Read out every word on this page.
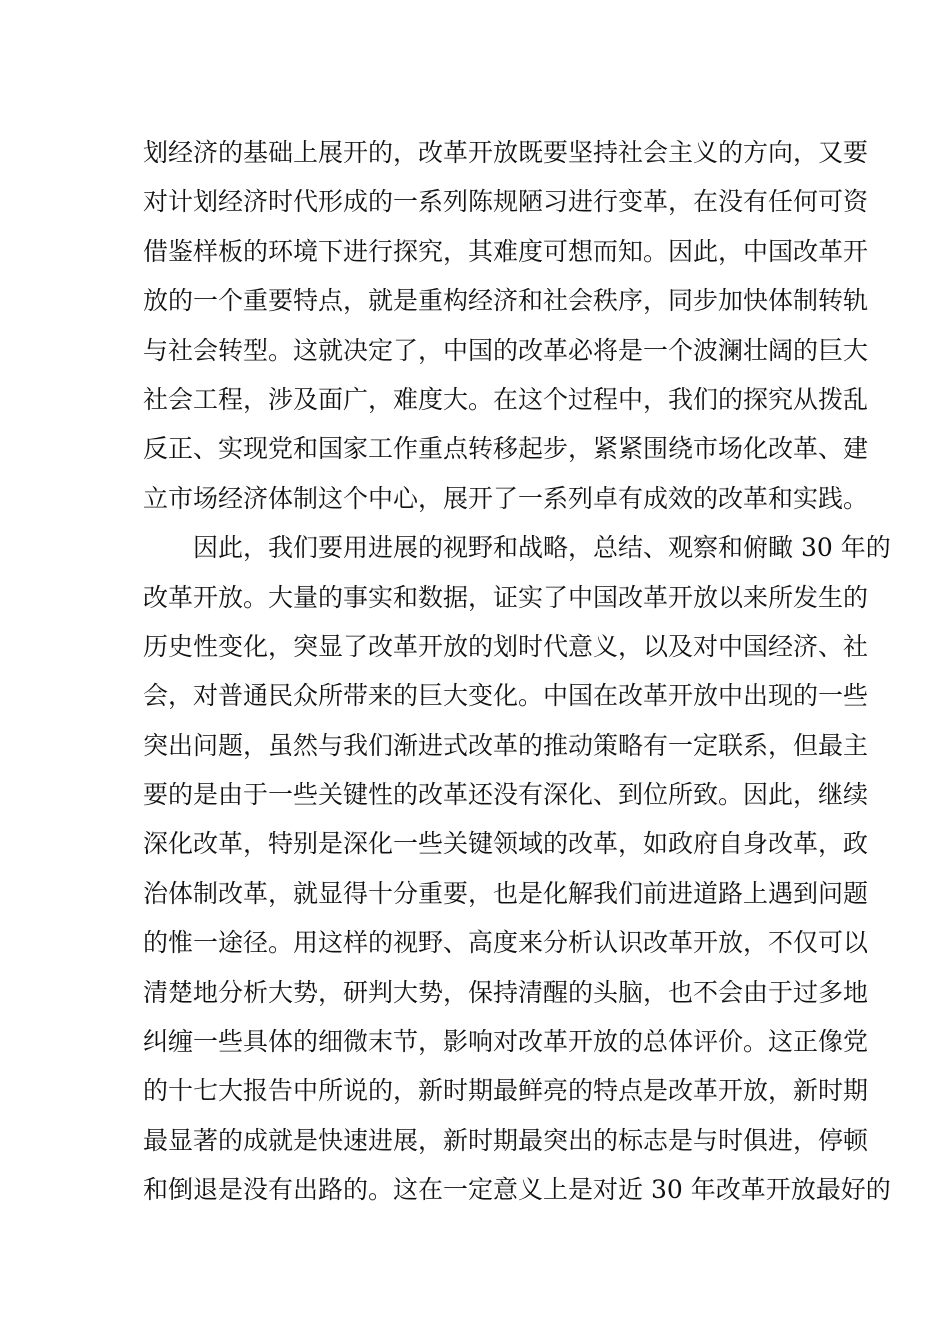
划经济的基础上展开的，改革开放既要坚持社会主义的方向，又要
对计划经济时代形成的一系列陈规陋习进行变革，在没有任何可资
借鉴样板的环境下进行探究，其难度可想而知。因此，中国改革开
放的一个重要特点，就是重构经济和社会秩序，同步加快体制转轨
与社会转型。这就决定了，中国的改革必将是一个波澜壮阔的巨大
社会工程，涉及面广，难度大。在这个过程中，我们的探究从拨乱
反正、实现党和国家工作重点转移起步，紧紧围绕市场化改革、建
立市场经济体制这个中心，展开了一系列卓有成效的改革和实践。
因此，我们要用进展的视野和战略，总结、观察和俯瞰 30 年的
改革开放。大量的事实和数据，证实了中国改革开放以来所发生的
历史性变化，突显了改革开放的划时代意义，以及对中国经济、社
会，对普通民众所带来的巨大变化。中国在改革开放中出现的一些
突出问题，虽然与我们渐进式改革的推动策略有一定联系，但最主
要的是由于一些关键性的改革还没有深化、到位所致。因此，继续
深化改革，特别是深化一些关键领域的改革，如政府自身改革，政
治体制改革，就显得十分重要，也是化解我们前进道路上遇到问题
的惟一途径。用这样的视野、高度来分析认识改革开放，不仅可以
清楚地分析大势，研判大势，保持清醒的头脑，也不会由于过多地
纠缠一些具体的细微末节，影响对改革开放的总体评价。这正像党
的十七大报告中所说的，新时期最鲜亮的特点是改革开放，新时期
最显著的成就是快速进展，新时期最突出的标志是与时俱进，停顿
和倒退是没有出路的。这在一定意义上是对近 30 年改革开放最好的
